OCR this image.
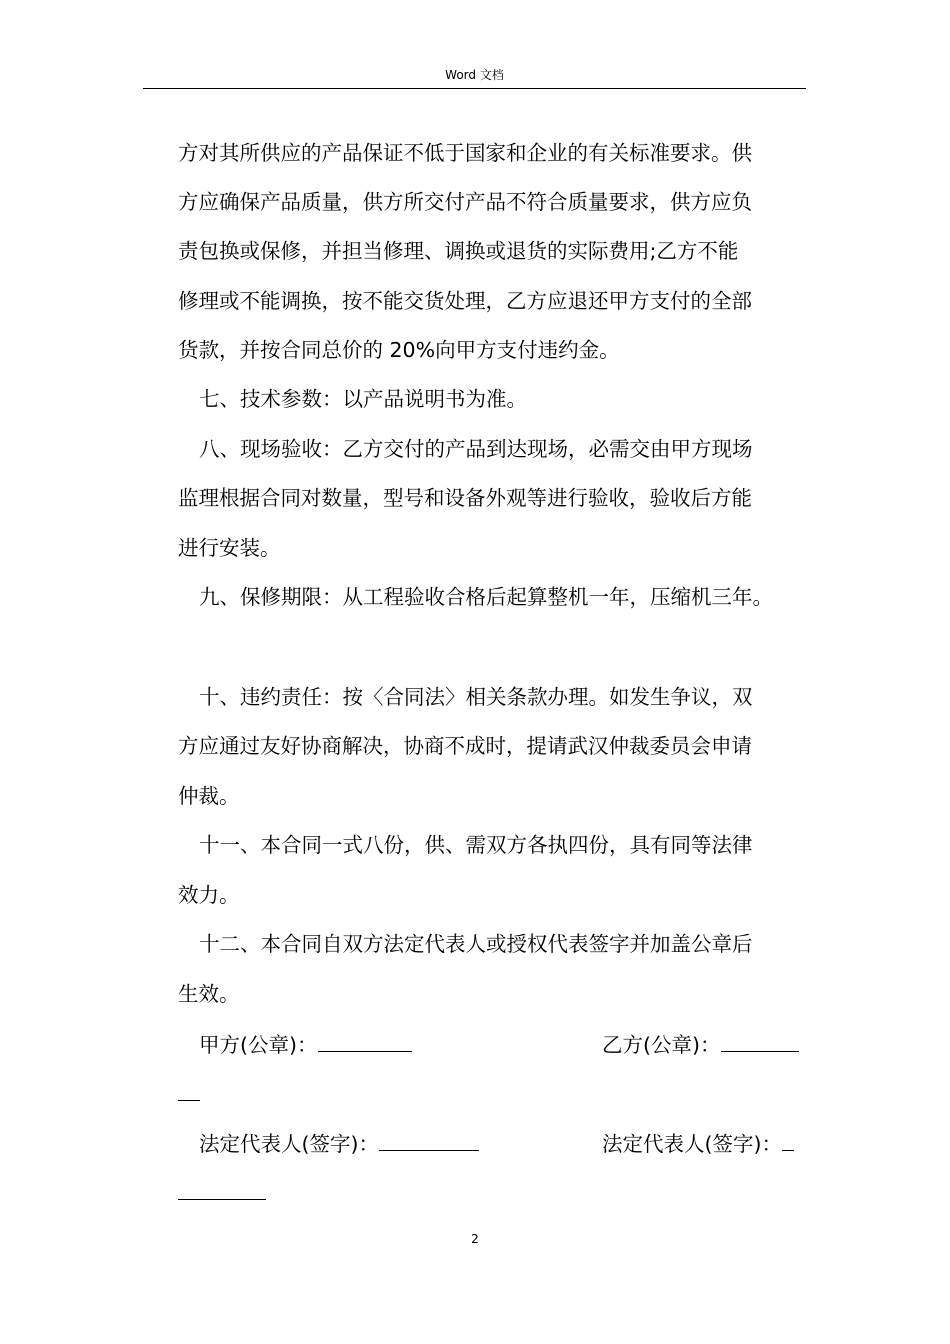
Word 文档
方对其所供应的产品保证不低于国家和企业的有关标准要求。供
方应确保产品质量，供方所交付产品不符合质量要求，供方应负
责包换或保修，并担当修理、调换或退货的实际费用;乙方不能
修理或不能调换，按不能交货处理，乙方应退还甲方支付的全部
货款，并按合同总价的 20%向甲方支付违约金。
七、技术参数：以产品说明书为准。
八、现场验收：乙方交付的产品到达现场，必需交由甲方现场
监理根据合同对数量，型号和设备外观等进行验收，验收后方能
进行安装。
九、保修期限：从工程验收合格后起算整机一年，压缩机三年。
十、违约责任：按〈合同法〉相关条款办理。如发生争议，双
方应通过友好协商解决，协商不成时，提请武汉仲裁委员会申请
仲裁。
十一、本合同一式八份，供、需双方各执四份，具有同等法律
效力。
十二、本合同自双方法定代表人或授权代表签字并加盖公章后
生效。
甲方(公章)：	乙方(公章)：
法定代表人(签字)：	法定代表人(签字)：
2
